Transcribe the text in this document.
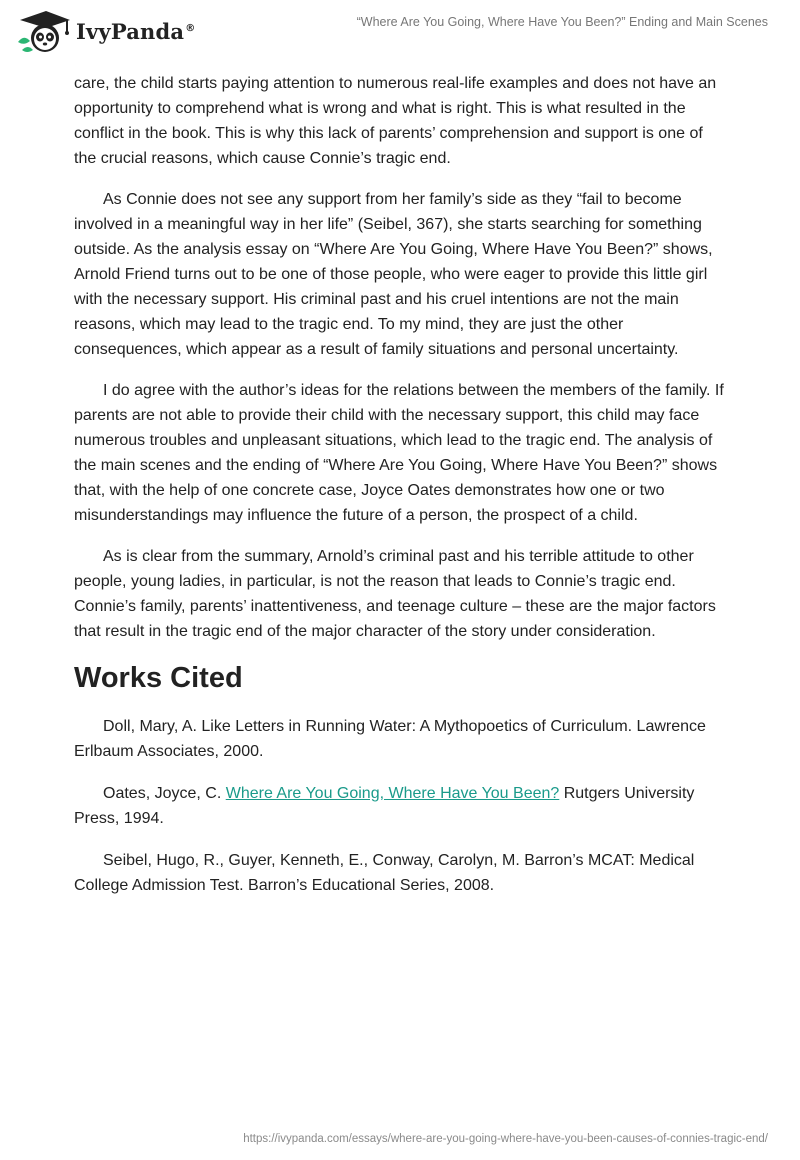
IvyPanda®	“Where Are You Going, Where Have You Been?” Ending and Main Scenes

care, the child starts paying attention to numerous real-life examples and does not have an opportunity to comprehend what is wrong and what is right. This is what resulted in the conflict in the book. This is why this lack of parents’ comprehension and support is one of the crucial reasons, which cause Connie’s tragic end.

As Connie does not see any support from her family’s side as they “fail to become involved in a meaningful way in her life” (Seibel, 367), she starts searching for something outside. As the analysis essay on “Where Are You Going, Where Have You Been?” shows, Arnold Friend turns out to be one of those people, who were eager to provide this little girl with the necessary support. His criminal past and his cruel intentions are not the main reasons, which may lead to the tragic end. To my mind, they are just the other consequences, which appear as a result of family situations and personal uncertainty.

I do agree with the author’s ideas for the relations between the members of the family. If parents are not able to provide their child with the necessary support, this child may face numerous troubles and unpleasant situations, which lead to the tragic end. The analysis of the main scenes and the ending of “Where Are You Going, Where Have You Been?” shows that, with the help of one concrete case, Joyce Oates demonstrates how one or two misunderstandings may influence the future of a person, the prospect of a child.

As is clear from the summary, Arnold’s criminal past and his terrible attitude to other people, young ladies, in particular, is not the reason that leads to Connie’s tragic end. Connie’s family, parents’ inattentiveness, and teenage culture – these are the major factors that result in the tragic end of the major character of the story under consideration.

Works Cited

Doll, Mary, A. Like Letters in Running Water: A Mythopoetics of Curriculum. Lawrence Erlbaum Associates, 2000.

Oates, Joyce, C. Where Are You Going, Where Have You Been? Rutgers University Press, 1994.

Seibel, Hugo, R., Guyer, Kenneth, E., Conway, Carolyn, M. Barron’s MCAT: Medical College Admission Test. Barron’s Educational Series, 2008.

https://ivypanda.com/essays/where-are-you-going-where-have-you-been-causes-of-connies-tragic-end/
